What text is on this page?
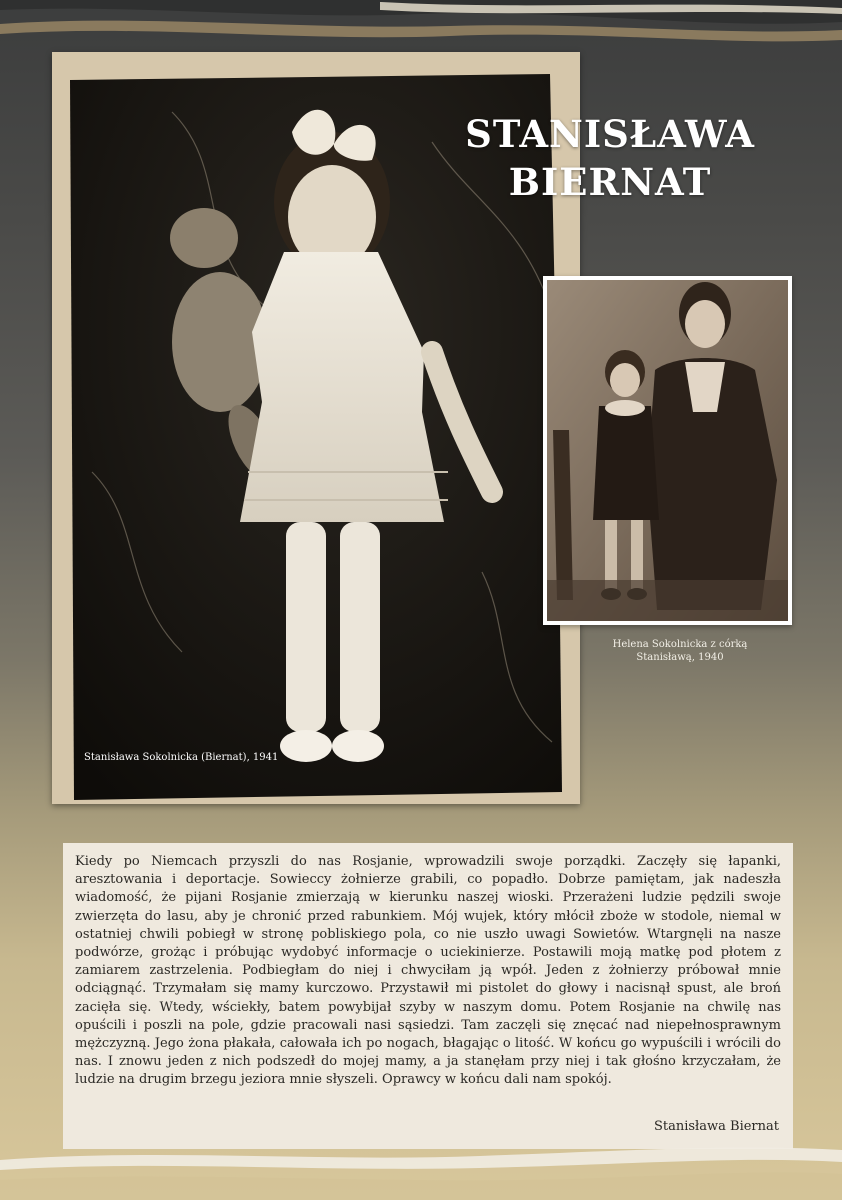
Stanisława Sokolnicka (Biernat), 1941
STANISŁAWA
BIERNAT
Helena Sokolnicka z córką
Stanisławą, 1940

Kiedy po Niemcach przyszli do nas Rosjanie, wprowadzili swoje porządki. Zaczęły się łapanki, aresztowania i deportacje. Sowieccy żołnierze grabili, co popadło. Dobrze pamiętam, jak nadeszła wiadomość, że pijani Rosjanie zmierzają w kierunku naszej wioski. Przerażeni ludzie pędzili swoje zwierzęta do lasu, aby je chronić przed rabunkiem. Mój wujek, który młócił zboże w stodole, niemal w ostatniej chwili pobiegł w stronę pobliskiego pola, co nie uszło uwagi Sowietów. Wtargnęli na nasze podwórze, grożąc i próbując wydobyć informacje o uciekinierze. Postawili moją matkę pod płotem z zamiarem zastrzelenia. Podbiegłam do niej i chwyciłam ją wpół. Jeden z żołnierzy próbował mnie odciągnąć. Trzymałam się mamy kurczowo. Przystawił mi pistolet do głowy i nacisnął spust, ale broń zacięła się. Wtedy, wściekły, batem powybijał szyby w naszym domu. Potem Rosjanie na chwilę nas opuścili i poszli na pole, gdzie pracowali nasi sąsiedzi. Tam zaczęli się znęcać nad niepełnosprawnym mężczyzną. Jego żona płakała, całowała ich po nogach, błagając o litość. W końcu go wypuścili i wrócili do nas. I znowu jeden z nich podszedł do mojej mamy, a ja stanęłam przy niej i tak głośno krzyczałam, że ludzie na drugim brzegu jeziora mnie słyszeli. Oprawcy w końcu dali nam spokój.

Stanisława Biernat
